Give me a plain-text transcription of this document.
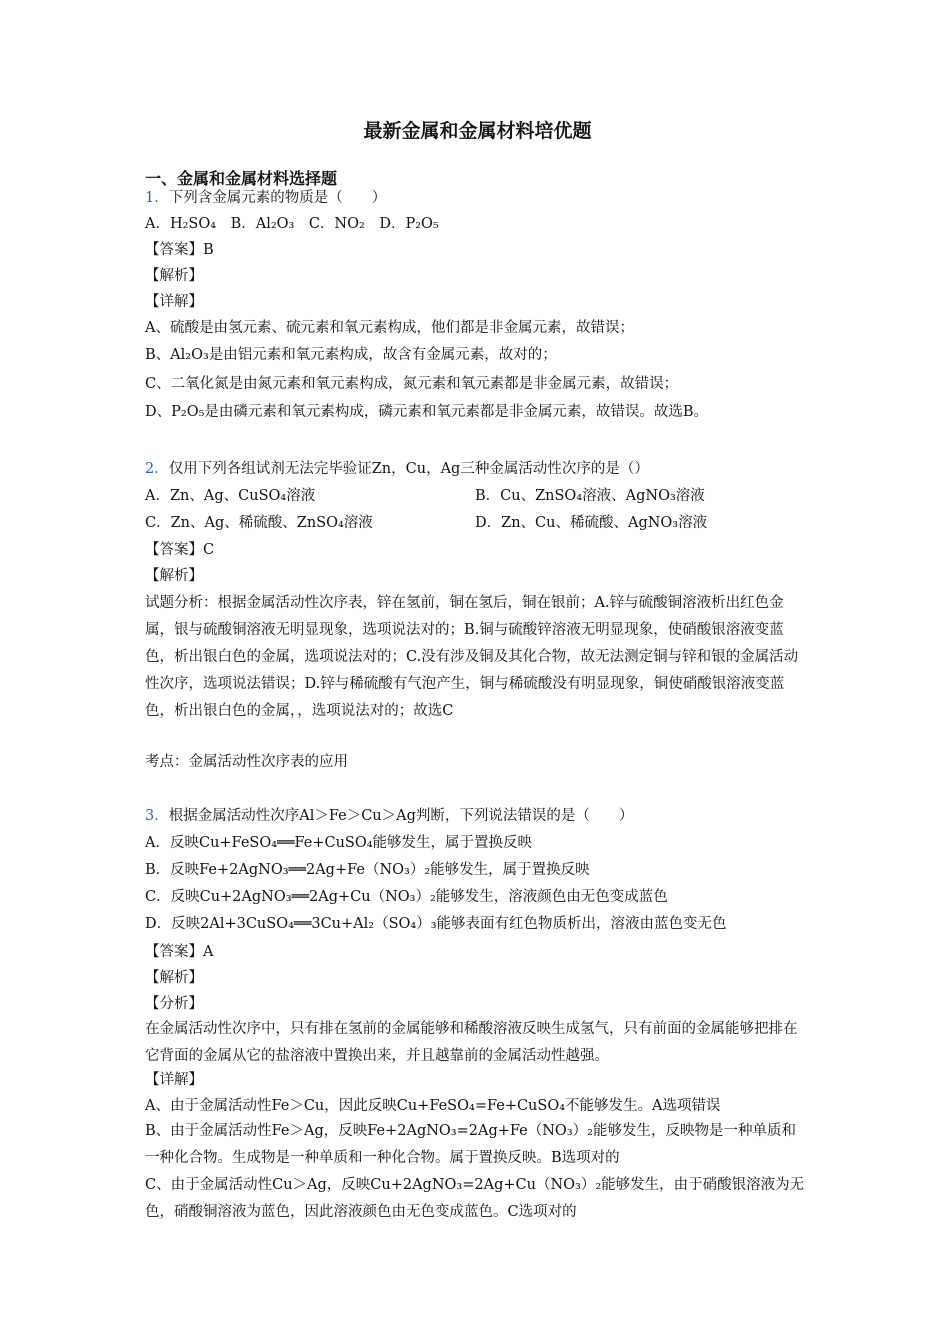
最新金属和金属材料培优题
一、金属和金属材料选择题
1．下列含金属元素的物质是（　　）
A．H₂SO₄　B．Al₂O₃　C．NO₂　D．P₂O₅
【答案】B
【解析】
【详解】
A、硫酸是由氢元素、硫元素和氧元素构成，他们都是非金属元素，故错误；
B、Al₂O₃是由铝元素和氧元素构成，故含有金属元素，故对的；
C、二氧化氮是由氮元素和氧元素构成，氮元素和氧元素都是非金属元素，故错误；
D、P₂O₅是由磷元素和氧元素构成，磷元素和氧元素都是非金属元素，故错误。故选B。
2．仅用下列各组试剂无法完毕验证Zn，Cu，Ag三种金属活动性次序的是（）
A．Zn、Ag、CuSO₄溶液	B．Cu、ZnSO₄溶液、AgNO₃溶液
C．Zn、Ag、稀硫酸、ZnSO₄溶液	D．Zn、Cu、稀硫酸、AgNO₃溶液
【答案】C
【解析】
试题分析：根据金属活动性次序表，锌在氢前，铜在氢后，铜在银前；A.锌与硫酸铜溶液析出红色金属，银与硫酸铜溶液无明显现象，选项说法对的；B.铜与硫酸锌溶液无明显现象，使硝酸银溶液变蓝色，析出银白色的金属，选项说法对的；C.没有涉及铜及其化合物，故无法测定铜与锌和银的金属活动性次序，选项说法错误；D.锌与稀硫酸有气泡产生，铜与稀硫酸没有明显现象，铜使硝酸银溶液变蓝色，析出银白色的金属，，选项说法对的；故选C
考点：金属活动性次序表的应用
3．根据金属活动性次序Al＞Fe＞Cu＞Ag判断，下列说法错误的是（　　）
A．反映Cu+FeSO₄══Fe+CuSO₄能够发生，属于置换反映
B．反映Fe+2AgNO₃══2Ag+Fe（NO₃）₂能够发生，属于置换反映
C．反映Cu+2AgNO₃══2Ag+Cu（NO₃）₂能够发生，溶液颜色由无色变成蓝色
D．反映2Al+3CuSO₄══3Cu+Al₂（SO₄）₃能够表面有红色物质析出，溶液由蓝色变无色
【答案】A
【解析】
【分析】
在金属活动性次序中，只有排在氢前的金属能够和稀酸溶液反映生成氢气，只有前面的金属能够把排在它背面的金属从它的盐溶液中置换出来，并且越靠前的金属活动性越强。
【详解】
A、由于金属活动性Fe＞Cu，因此反映Cu+FeSO₄=Fe+CuSO₄不能够发生。A选项错误
B、由于金属活动性Fe＞Ag，反映Fe+2AgNO₃=2Ag+Fe（NO₃）₂能够发生，反映物是一种单质和一种化合物。生成物是一种单质和一种化合物。属于置换反映。B选项对的
C、由于金属活动性Cu＞Ag，反映Cu+2AgNO₃=2Ag+Cu（NO₃）₂能够发生，由于硝酸银溶液为无色，硝酸铜溶液为蓝色，因此溶液颜色由无色变成蓝色。C选项对的
